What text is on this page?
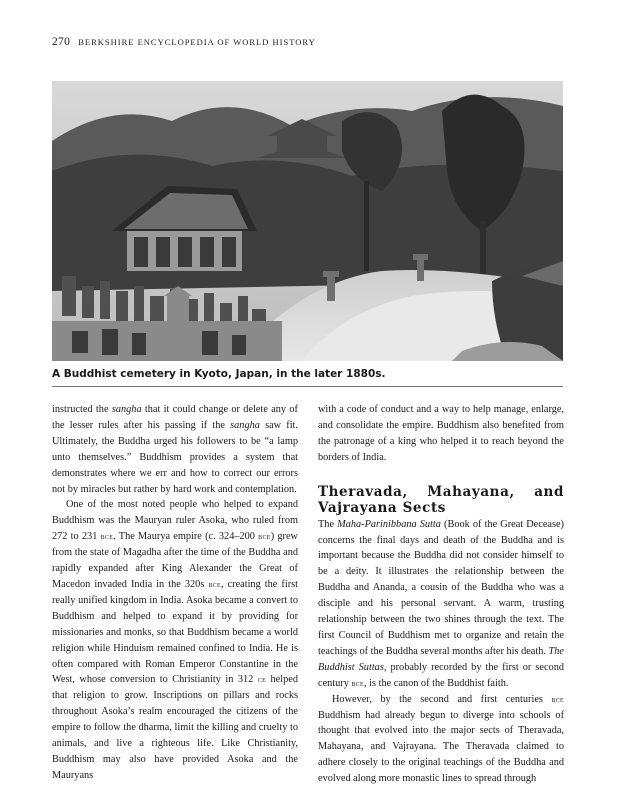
270 BERKSHIRE ENCYCLOPEDIA OF WORLD HISTORY
A Buddhist cemetery in Kyoto, Japan, in the later 1880s.

instructed the sangha that it could change or delete any of the lesser rules after his passing if the sangha saw fit. Ultimately, the Buddha urged his followers to be “a lamp unto themselves.” Buddhism provides a system that demonstrates where we err and how to correct our errors not by miracles but rather by hard work and contemplation.

One of the most noted people who helped to expand Buddhism was the Mauryan ruler Asoka, who ruled from 272 to 231 bce. The Maurya empire (c. 324–200 bce) grew from the state of Magadha after the time of the Buddha and rapidly expanded after King Alexander the Great of Macedon invaded India in the 320s bce, creating the first really unified kingdom in India. Asoka became a convert to Buddhism and helped to expand it by providing for missionaries and monks, so that Buddhism became a world religion while Hinduism remained confined to India. He is often compared with Roman Emperor Constantine in the West, whose conversion to Christianity in 312 ce helped that religion to grow. Inscriptions on pillars and rocks throughout Asoka’s realm encouraged the citizens of the empire to follow the dharma, limit the killing and cruelty to animals, and live a righteous life. Like Christianity, Buddhism may also have provided Asoka and the Mauryans

with a code of conduct and a way to help manage, enlarge, and consolidate the empire. Buddhism also benefited from the patronage of a king who helped it to reach beyond the borders of India.

Theravada, Mahayana, and Vajrayana Sects

The Maha-Parinibbana Sutta (Book of the Great Decease) concerns the final days and death of the Buddha and is important because the Buddha did not consider himself to be a deity. It illustrates the relationship between the Buddha and Ananda, a cousin of the Buddha who was a disciple and his personal servant. A warm, trusting relationship between the two shines through the text. The first Council of Buddhism met to organize and retain the teachings of the Buddha several months after his death. The Buddhist Suttas, probably recorded by the first or second century bce, is the canon of the Buddhist faith.

However, by the second and first centuries bce Buddhism had already begun to diverge into schools of thought that evolved into the major sects of Theravada, Mahayana, and Vajrayana. The Theravada claimed to adhere closely to the original teachings of the Buddha and evolved along more monastic lines to spread through
